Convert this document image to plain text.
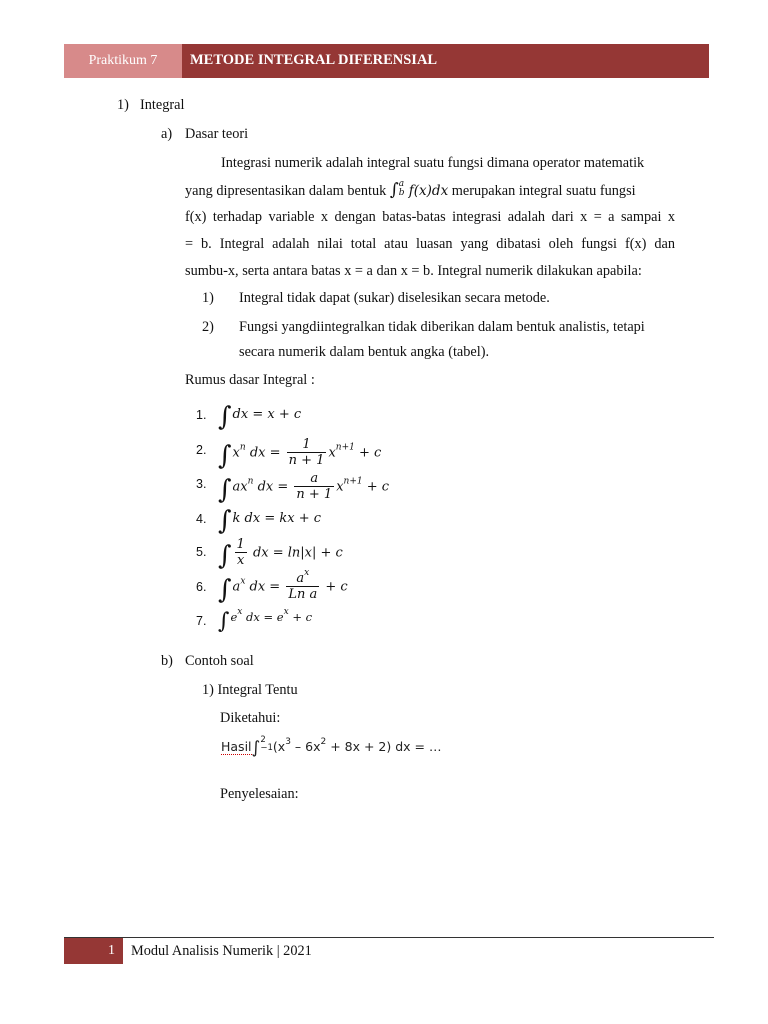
Praktikum 7	METODE INTEGRAL DIFERENSIAL
1) Integral
a) Dasar teori
Integrasi numerik adalah integral suatu fungsi dimana operator matematik
yang dipresentasikan dalam bentuk ∫a
b f(x)dx merupakan integral suatu fungsi
f(x) terhadap variable x dengan batas-batas integrasi adalah dari x = a sampai x
= b. Integral adalah nilai total atau luasan yang dibatasi oleh fungsi f(x) dan
sumbu-x, serta antara batas x = a dan x = b. Integral numerik dilakukan apabila:
1) Integral tidak dapat (sukar) diselesikan secara metode.
2) Fungsi yangdiintegralkan tidak diberikan dalam bentuk analistis, tetapi
secara numerik dalam bentuk angka (tabel).
Rumus dasar Integral :
1. ∫dx = x + c
2. $\int x^n$ dx = $\frac{1}{n + 1} x^{n+1} + c$
3. $\int ax^n$ dx = $\frac{a}{n + 1} x^{n+1} + c$
4. ∫k dx = kx + c
5. ∫ $\frac{1}{x}$ dx = ln|x| + c
6. $\int a^x$ dx = $\frac{a^x}{\text{Ln a}} + c$
7. $\int e^x$ dx = $e^x + c$
b) Contoh soal
1) Integral Tentu
Diketahui:
Hasil∫2
$-1(x^3 - 6x^2 + 8x + 2)$ dx = …
Penyelesaian:
1	Modul Analisis Numerik | 2021
